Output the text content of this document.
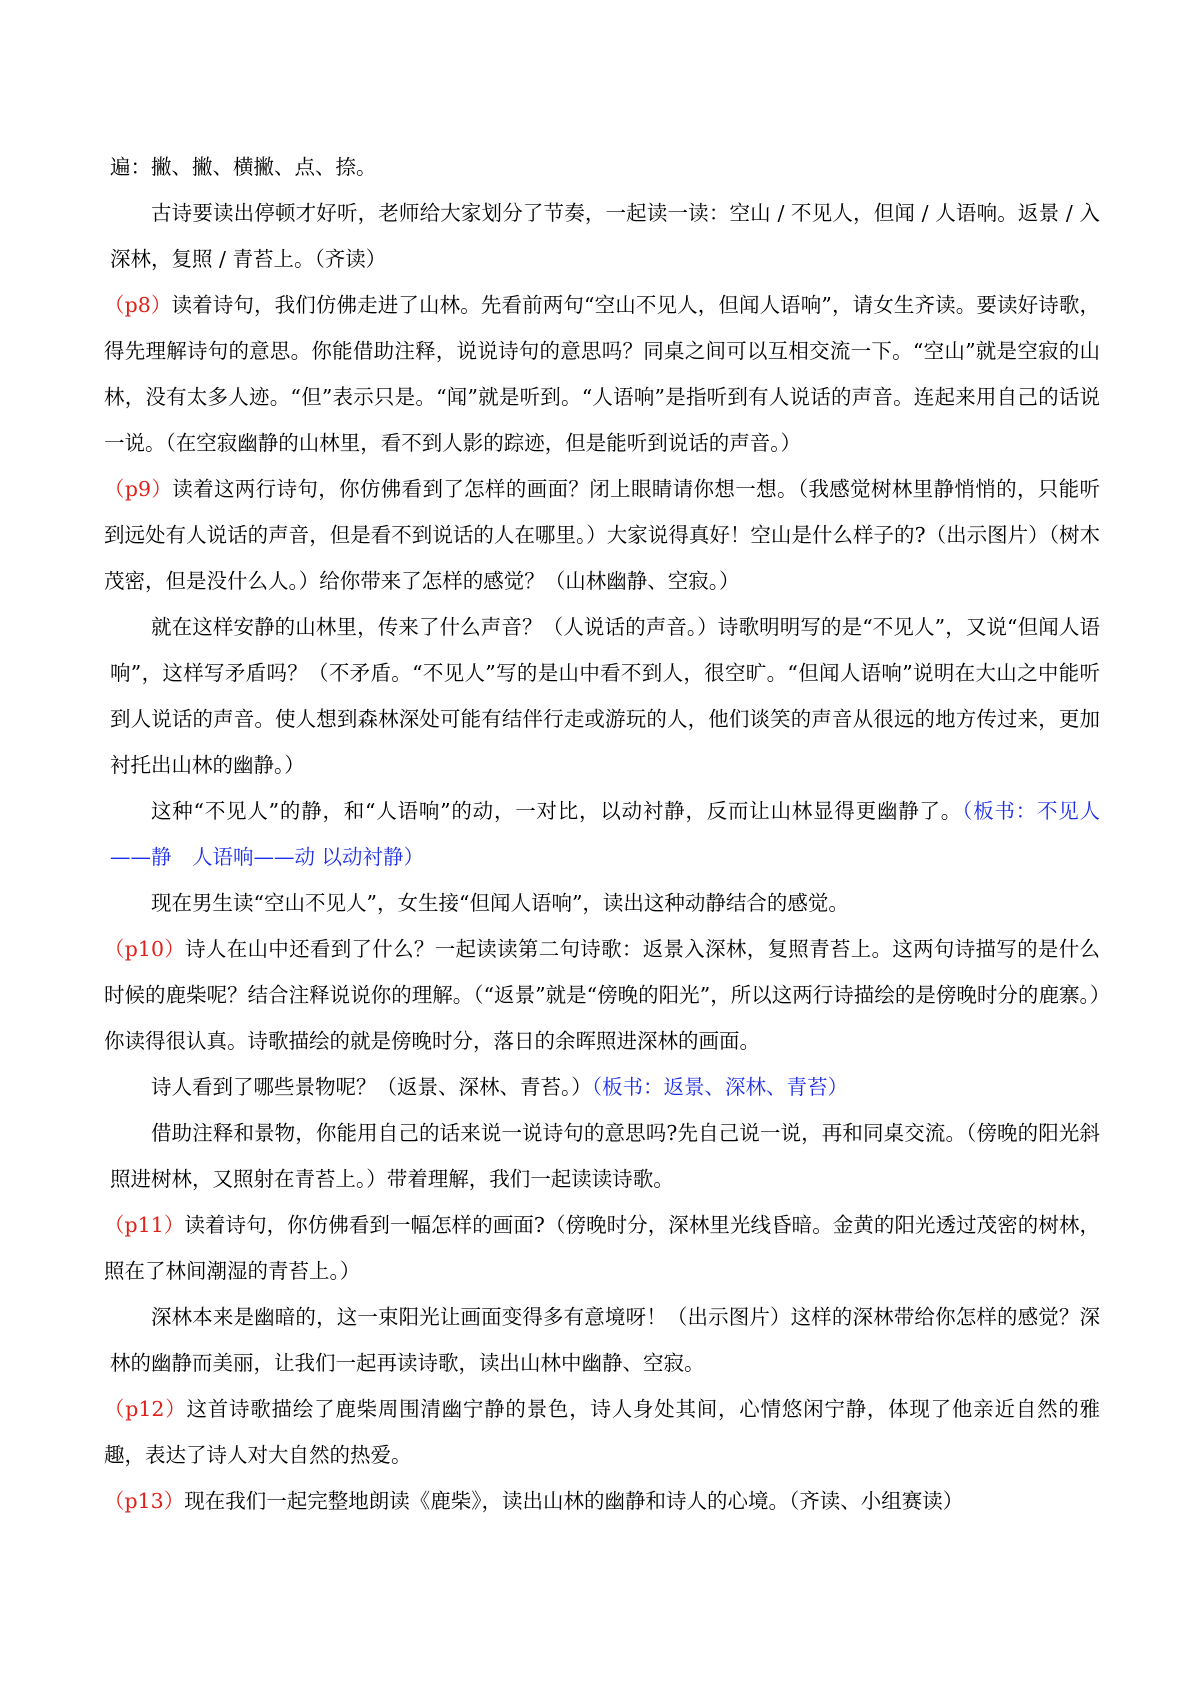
遍：撇、撇、横撇、点、捺。

古诗要读出停顿才好听，老师给大家划分了节奏，一起读一读：空山 / 不见人，但闻 / 人语响。返景 / 入深林，复照 / 青苔上。（齐读）

（p8）读着诗句，我们仿佛走进了山林。先看前两句“空山不见人，但闻人语响”，请女生齐读。要读好诗歌，得先理解诗句的意思。你能借助注释，说说诗句的意思吗？同桌之间可以互相交流一下。“空山”就是空寂的山林，没有太多人迹。“但”表示只是。“闻”就是听到。“人语响”是指听到有人说话的声音。连起来用自己的话说一说。（在空寂幽静的山林里，看不到人影的踪迹，但是能听到说话的声音。）

（p9）读着这两行诗句，你仿佛看到了怎样的画面？闭上眼睛请你想一想。（我感觉树林里静悄悄的，只能听到远处有人说话的声音，但是看不到说话的人在哪里。）大家说得真好！空山是什么样子的?（出示图片）（树木茂密，但是没什么人。）给你带来了怎样的感觉？（山林幽静、空寂。）

就在这样安静的山林里，传来了什么声音？（人说话的声音。）诗歌明明写的是“不见人”，又说“但闻人语响”，这样写矛盾吗？（不矛盾。“不见人”写的是山中看不到人，很空旷。“但闻人语响”说明在大山之中能听到人说话的声音。使人想到森林深处可能有结伴行走或游玩的人，他们谈笑的声音从很远的地方传过来，更加衬托出山林的幽静。）

这种“不见人”的静，和“人语响”的动，一对比，以动衬静，反而让山林显得更幽静了。（板书：不见人——静　人语响——动 以动衬静）

现在男生读“空山不见人”，女生接“但闻人语响”，读出这种动静结合的感觉。

（p10）诗人在山中还看到了什么？一起读读第二句诗歌：返景入深林，复照青苔上。这两句诗描写的是什么时候的鹿柴呢？结合注释说说你的理解。（“返景”就是“傍晚的阳光”，所以这两行诗描绘的是傍晚时分的鹿寨。）你读得很认真。诗歌描绘的就是傍晚时分，落日的余晖照进深林的画面。

诗人看到了哪些景物呢？（返景、深林、青苔。）（板书：返景、深林、青苔）

借助注释和景物，你能用自己的话来说一说诗句的意思吗?先自己说一说，再和同桌交流。（傍晚的阳光斜照进树林，又照射在青苔上。）带着理解，我们一起读读诗歌。

（p11）读着诗句，你仿佛看到一幅怎样的画面?（傍晚时分，深林里光线昏暗。金黄的阳光透过茂密的树林，照在了林间潮湿的青苔上。）

深林本来是幽暗的，这一束阳光让画面变得多有意境呀！（出示图片）这样的深林带给你怎样的感觉？深林的幽静而美丽，让我们一起再读诗歌，读出山林中幽静、空寂。

（p12）这首诗歌描绘了鹿柴周围清幽宁静的景色，诗人身处其间，心情悠闲宁静，体现了他亲近自然的雅趣，表达了诗人对大自然的热爱。

（p13）现在我们一起完整地朗读《鹿柴》，读出山林的幽静和诗人的心境。（齐读、小组赛读）
